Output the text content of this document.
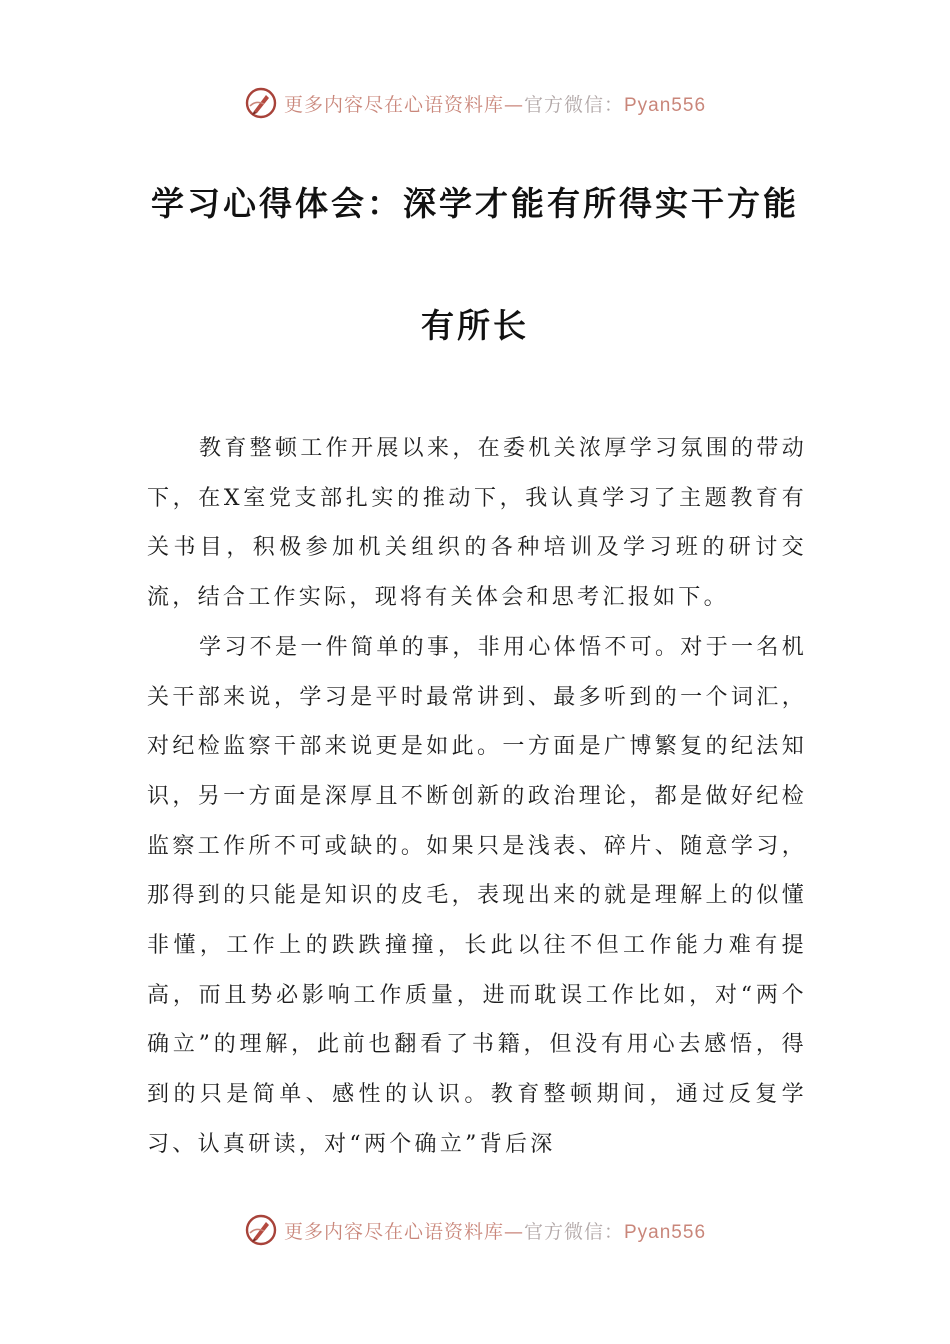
更多内容尽在心语资料库—官方微信：Pyan556
学习心得体会：深学才能有所得实干方能
有所长

教育整顿工作开展以来，在委机关浓厚学习氛围的带动下，在X室党支部扎实的推动下，我认真学习了主题教育有关书目，积极参加机关组织的各种培训及学习班的研讨交流，结合工作实际，现将有关体会和思考汇报如下。

学习不是一件简单的事，非用心体悟不可。对于一名机关干部来说，学习是平时最常讲到、最多听到的一个词汇，对纪检监察干部来说更是如此。一方面是广博繁复的纪法知识，另一方面是深厚且不断创新的政治理论，都是做好纪检监察工作所不可或缺的。如果只是浅表、碎片、随意学习，那得到的只能是知识的皮毛，表现出来的就是理解上的似懂非懂，工作上的跌跌撞撞，长此以往不但工作能力难有提高，而且势必影响工作质量，进而耽误工作比如，对“两个确立”的理解，此前也翻看了书籍，但没有用心去感悟，得到的只是简单、感性的认识。教育整顿期间，通过反复学习、认真研读，对“两个确立”背后深

更多内容尽在心语资料库—官方微信：Pyan556
